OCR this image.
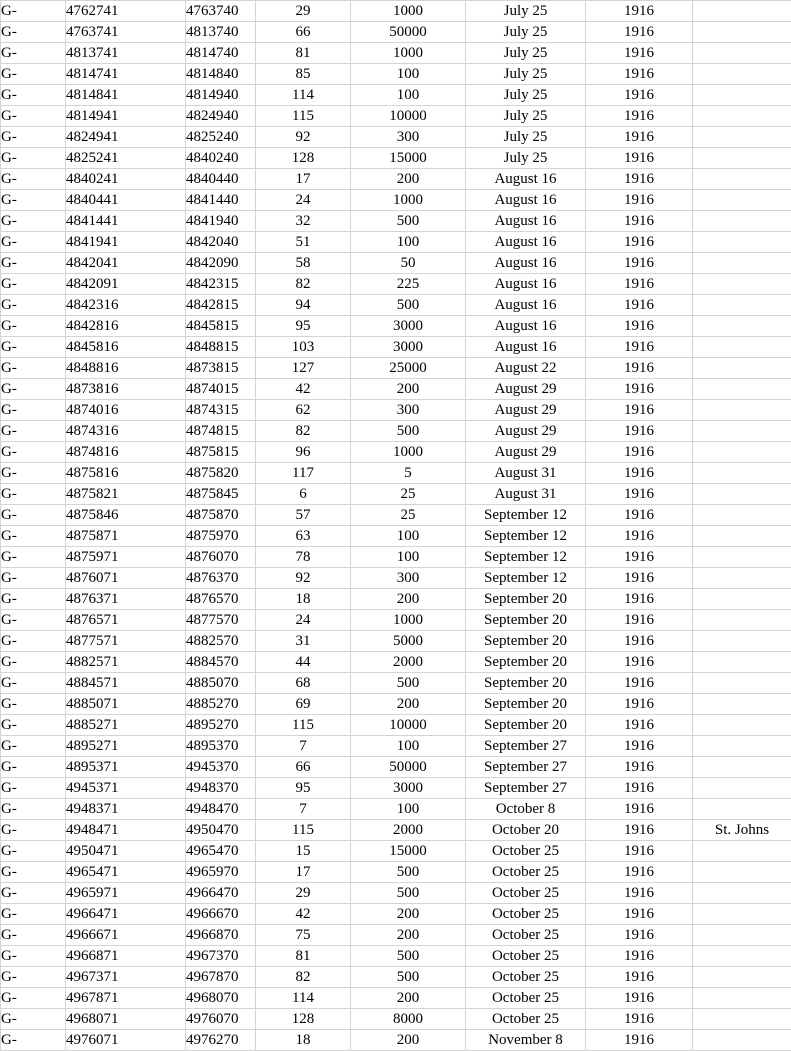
G-	4762741	4763740	29	1000	July 25	1916	
G-	4763741	4813740	66	50000	July 25	1916	
G-	4813741	4814740	81	1000	July 25	1916	
G-	4814741	4814840	85	100	July 25	1916	
G-	4814841	4814940	114	100	July 25	1916	
G-	4814941	4824940	115	10000	July 25	1916	
G-	4824941	4825240	92	300	July 25	1916	
G-	4825241	4840240	128	15000	July 25	1916	
G-	4840241	4840440	17	200	August 16	1916	
G-	4840441	4841440	24	1000	August 16	1916	
G-	4841441	4841940	32	500	August 16	1916	
G-	4841941	4842040	51	100	August 16	1916	
G-	4842041	4842090	58	50	August 16	1916	
G-	4842091	4842315	82	225	August 16	1916	
G-	4842316	4842815	94	500	August 16	1916	
G-	4842816	4845815	95	3000	August 16	1916	
G-	4845816	4848815	103	3000	August 16	1916	
G-	4848816	4873815	127	25000	August 22	1916	
G-	4873816	4874015	42	200	August 29	1916	
G-	4874016	4874315	62	300	August 29	1916	
G-	4874316	4874815	82	500	August 29	1916	
G-	4874816	4875815	96	1000	August 29	1916	
G-	4875816	4875820	117	5	August 31	1916	
G-	4875821	4875845	6	25	August 31	1916	
G-	4875846	4875870	57	25	September 12	1916	
G-	4875871	4875970	63	100	September 12	1916	
G-	4875971	4876070	78	100	September 12	1916	
G-	4876071	4876370	92	300	September 12	1916	
G-	4876371	4876570	18	200	September 20	1916	
G-	4876571	4877570	24	1000	September 20	1916	
G-	4877571	4882570	31	5000	September 20	1916	
G-	4882571	4884570	44	2000	September 20	1916	
G-	4884571	4885070	68	500	September 20	1916	
G-	4885071	4885270	69	200	September 20	1916	
G-	4885271	4895270	115	10000	September 20	1916	
G-	4895271	4895370	7	100	September 27	1916	
G-	4895371	4945370	66	50000	September 27	1916	
G-	4945371	4948370	95	3000	September 27	1916	
G-	4948371	4948470	7	100	October 8	1916	
G-	4948471	4950470	115	2000	October 20	1916	St. Johns
G-	4950471	4965470	15	15000	October 25	1916	
G-	4965471	4965970	17	500	October 25	1916	
G-	4965971	4966470	29	500	October 25	1916	
G-	4966471	4966670	42	200	October 25	1916	
G-	4966671	4966870	75	200	October 25	1916	
G-	4966871	4967370	81	500	October 25	1916	
G-	4967371	4967870	82	500	October 25	1916	
G-	4967871	4968070	114	200	October 25	1916	
G-	4968071	4976070	128	8000	October 25	1916	
G-	4976071	4976270	18	200	November 8	1916	
